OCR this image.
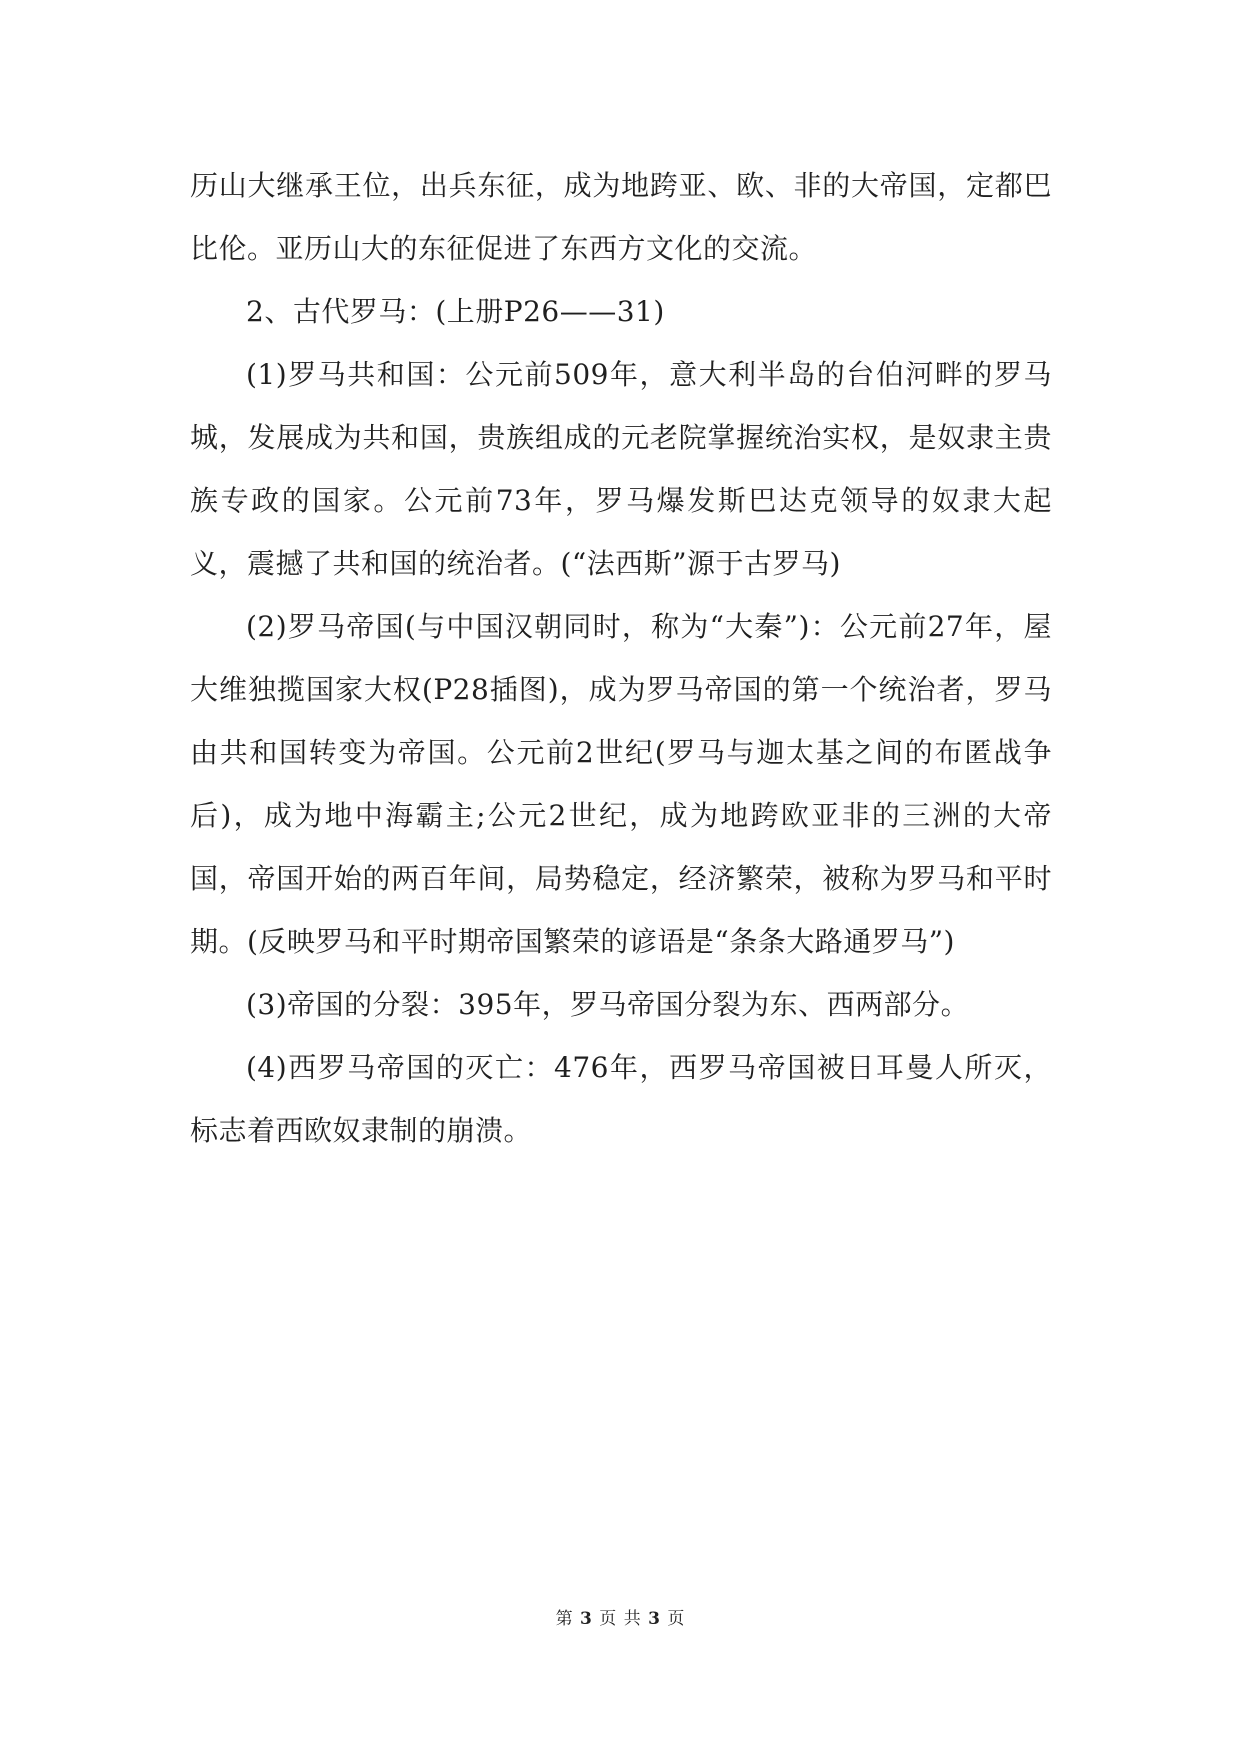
历山大继承王位，出兵东征，成为地跨亚、欧、非的大帝国，定都巴比伦。亚历山大的东征促进了东西方文化的交流。

2、古代罗马：(上册P26——31)

(1)罗马共和国：公元前509年，意大利半岛的台伯河畔的罗马城，发展成为共和国，贵族组成的元老院掌握统治实权，是奴隶主贵族专政的国家。公元前73年，罗马爆发斯巴达克领导的奴隶大起义，震撼了共和国的统治者。(“法西斯”源于古罗马)

(2)罗马帝国(与中国汉朝同时，称为“大秦”)：公元前27年，屋大维独揽国家大权(P28插图)，成为罗马帝国的第一个统治者，罗马由共和国转变为帝国。公元前2世纪(罗马与迦太基之间的布匿战争后)，成为地中海霸主;公元2世纪，成为地跨欧亚非的三洲的大帝国，帝国开始的两百年间，局势稳定，经济繁荣，被称为罗马和平时期。(反映罗马和平时期帝国繁荣的谚语是“条条大路通罗马”)

(3)帝国的分裂：395年，罗马帝国分裂为东、西两部分。

(4)西罗马帝国的灭亡：476年，西罗马帝国被日耳曼人所灭，标志着西欧奴隶制的崩溃。

第 3 页 共 3 页
